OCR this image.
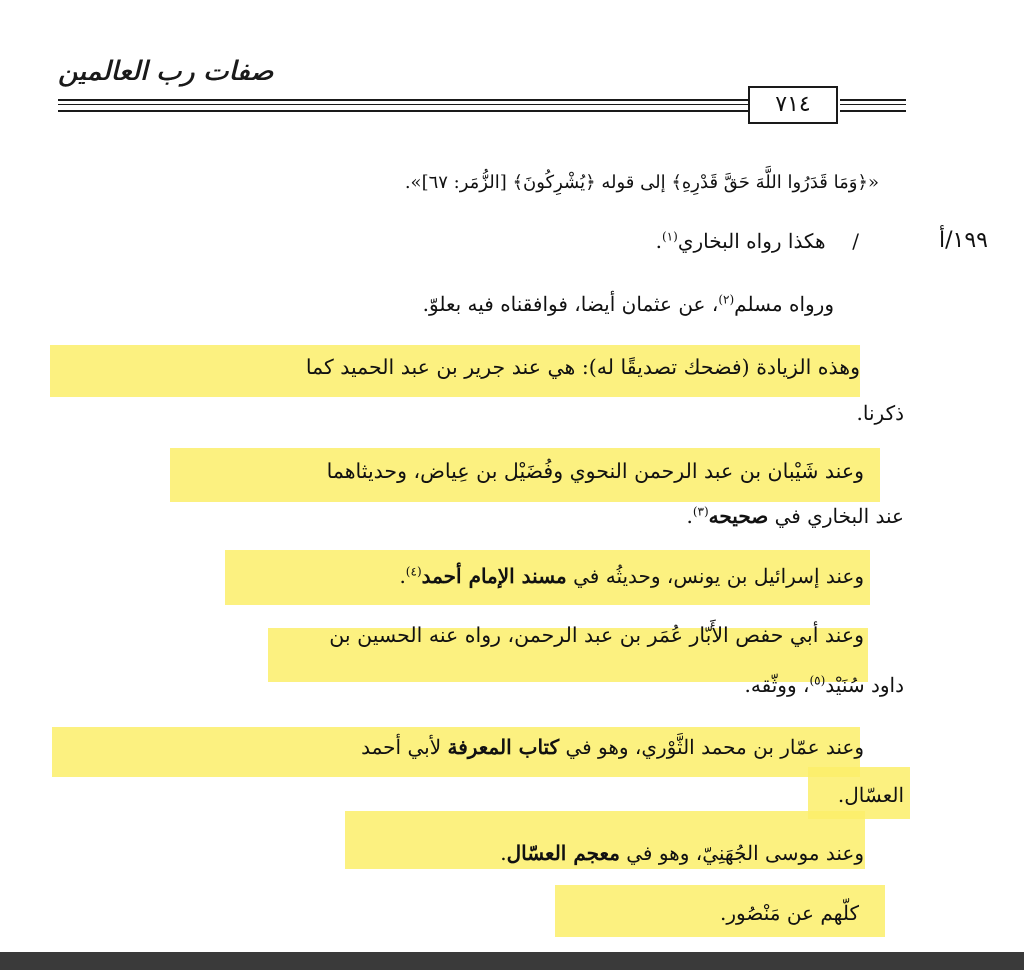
صفات رب العالمين
٧١٤
«﴿وَمَا قَدَرُوا اللَّهَ حَقَّ قَدْرِهِ﴾ إلى قوله ﴿يُشْرِكُونَ﴾ [الزُّمَر: ٦٧]».
١٩٩/أ
/  هكذا رواه البخاري$^{(١)}$.
ورواه مسلم$^{(٢)}$، عن عثمان أيضا، فوافقناه فيه بعلوّ.
وهذه الزيادة (فضحك تصديقًا له): هي عند جرير بن عبد الحميد كما
ذكرنا.
وعند شَيْبان بن عبد الرحمن النحوي وفُضَيْل بن عِياض، وحديثاهما
عند البخاري في صحيحه$^{(٣)}$.
وعند إسرائيل بن يونس، وحديثُه في مسند الإمام أحمد$^{(٤)}$.
وعند أبي حفص الأَبّار عُمَر بن عبد الرحمن، رواه عنه الحسين بن
داود سُنَيْد$^{(٥)}$، ووثّقه.
وعند عمّار بن محمد الثَّوْري، وهو في كتاب المعرفة لأبي أحمد
العسّال.
وعند موسى الجُهَنِيّ، وهو في معجم العسّال.
كلّهم عن مَنْصُور.
